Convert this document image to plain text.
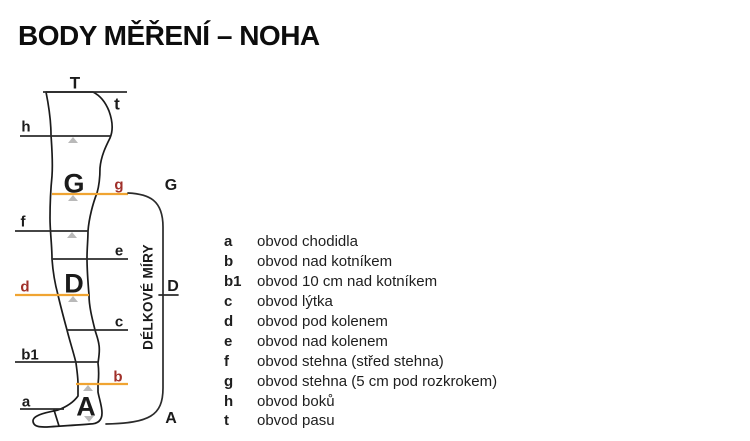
BODY MĚŘENÍ – NOHA
T
t
h
G g
f
e
d D
c
b1
b
a A
DÉLKOVÉ MÍRY
G
D
A
a	obvod chodidla
b	obvod nad kotníkem
b1	obvod 10 cm nad kotníkem
c	obvod lýtka
d	obvod pod kolenem
e	obvod nad kolenem
f	obvod stehna (střed stehna)
g	obvod stehna (5 cm pod rozkrokem)
h	obvod boků
t	obvod pasu
